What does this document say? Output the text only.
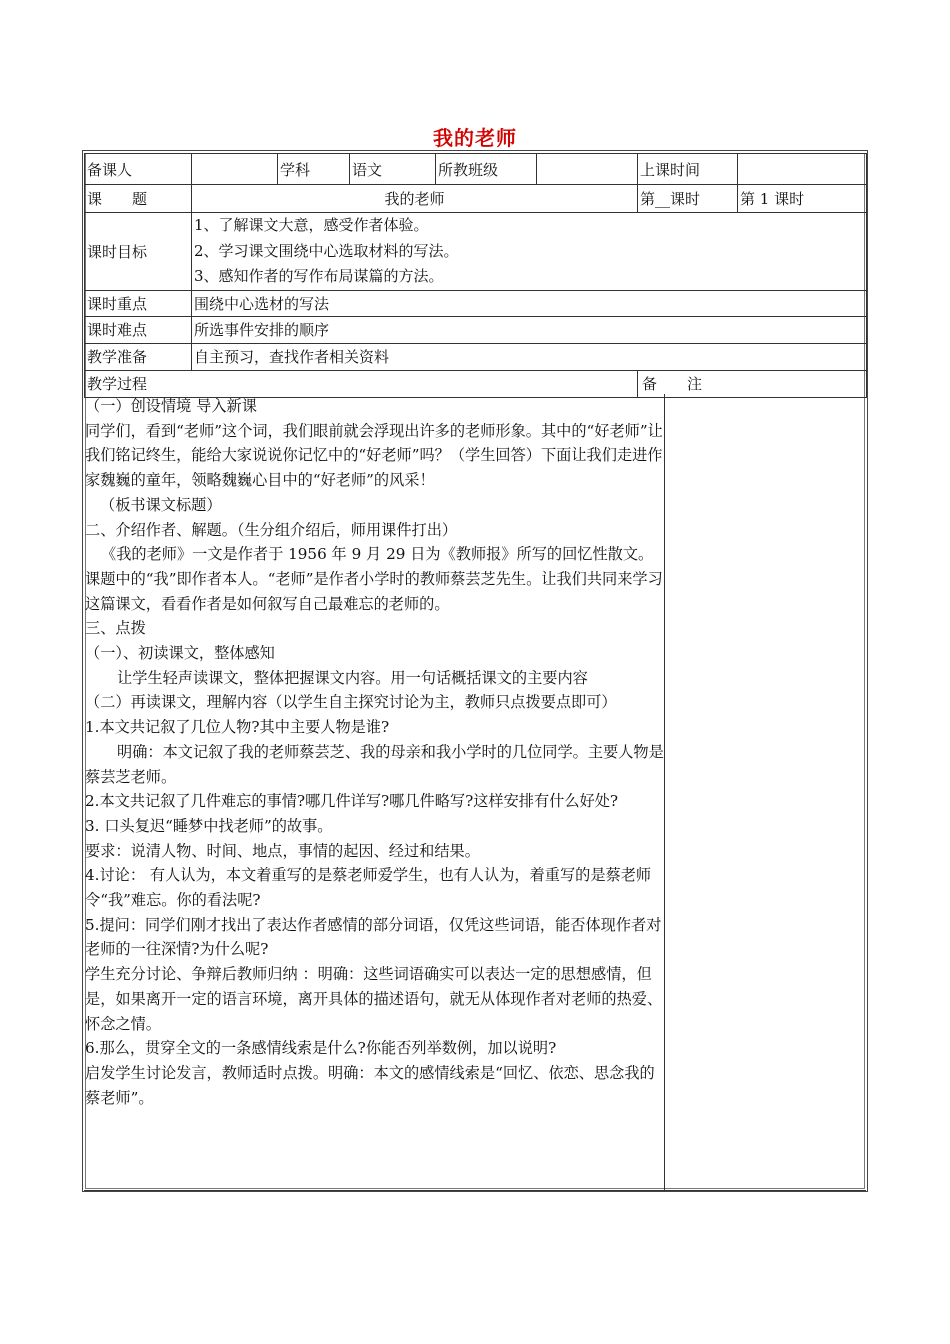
我的老师
备课人		学科	语文	所教班级		上课时间	
课　　题	我的老师					第__课时	第 1 课时
课时目标	1、了解课文大意，感受作者体验。
2、学习课文围绕中心选取材料的写法。
3、感知作者的写作布局谋篇的方法。						

课时重点	围绕中心选材的写法						
课时难点	所选事件安排的顺序						
教学准备	自主预习，查找作者相关资料						
教学过程						备　　注	

（一）创设情境 导入新课

同学们，看到“老师”这个词，我们眼前就会浮现出许多的老师形象。其中的“好老师”让我们铭记终生，能给大家说说你记忆中的“好老师”吗？（学生回答）下面让我们走进作家魏巍的童年，领略魏巍心目中的“好老师”的风采！

（板书课文标题）

二、介绍作者、解题。（生分组介绍后，师用课件打出）

《我的老师》一文是作者于 1956 年 9 月 29 日为《教师报》所写的回忆性散文。课题中的“我”即作者本人。“老师”是作者小学时的教师蔡芸芝先生。让我们共同来学习这篇课文，看看作者是如何叙写自己最难忘的老师的。

三、点拨

（一）、初读课文，整体感知

让学生轻声读课文，整体把握课文内容。用一句话概括课文的主要内容

（二）再读课文，理解内容（以学生自主探究讨论为主，教师只点拨要点即可）

1.本文共记叙了几位人物?其中主要人物是谁?

明确：本文记叙了我的老师蔡芸芝、我的母亲和我小学时的几位同学。主要人物是蔡芸芝老师。

2.本文共记叙了几件难忘的事情?哪几件详写?哪几件略写?这样安排有什么好处?

3. 口头复迟“睡梦中找老师”的故事。

要求：说清人物、时间、地点，事情的起因、经过和结果。

4.讨论： 有人认为，本文着重写的是蔡老师爱学生，也有人认为，着重写的是蔡老师令“我”难忘。你的看法呢?

5.提问：同学们刚才找出了表达作者感情的部分词语，仅凭这些词语，能否体现作者对老师的一往深情?为什么呢?

学生充分讨论、争辩后教师归纳 ：明确：这些词语确实可以表达一定的思想感情，但是，如果离开一定的语言环境，离开具体的描述语句，就无从体现作者对老师的热爱、怀念之情。

6.那么，贯穿全文的一条感情线索是什么?你能否列举数例，加以说明?

启发学生讨论发言，教师适时点拨。明确：本文的感情线索是“回忆、依恋、思念我的蔡老师”。
